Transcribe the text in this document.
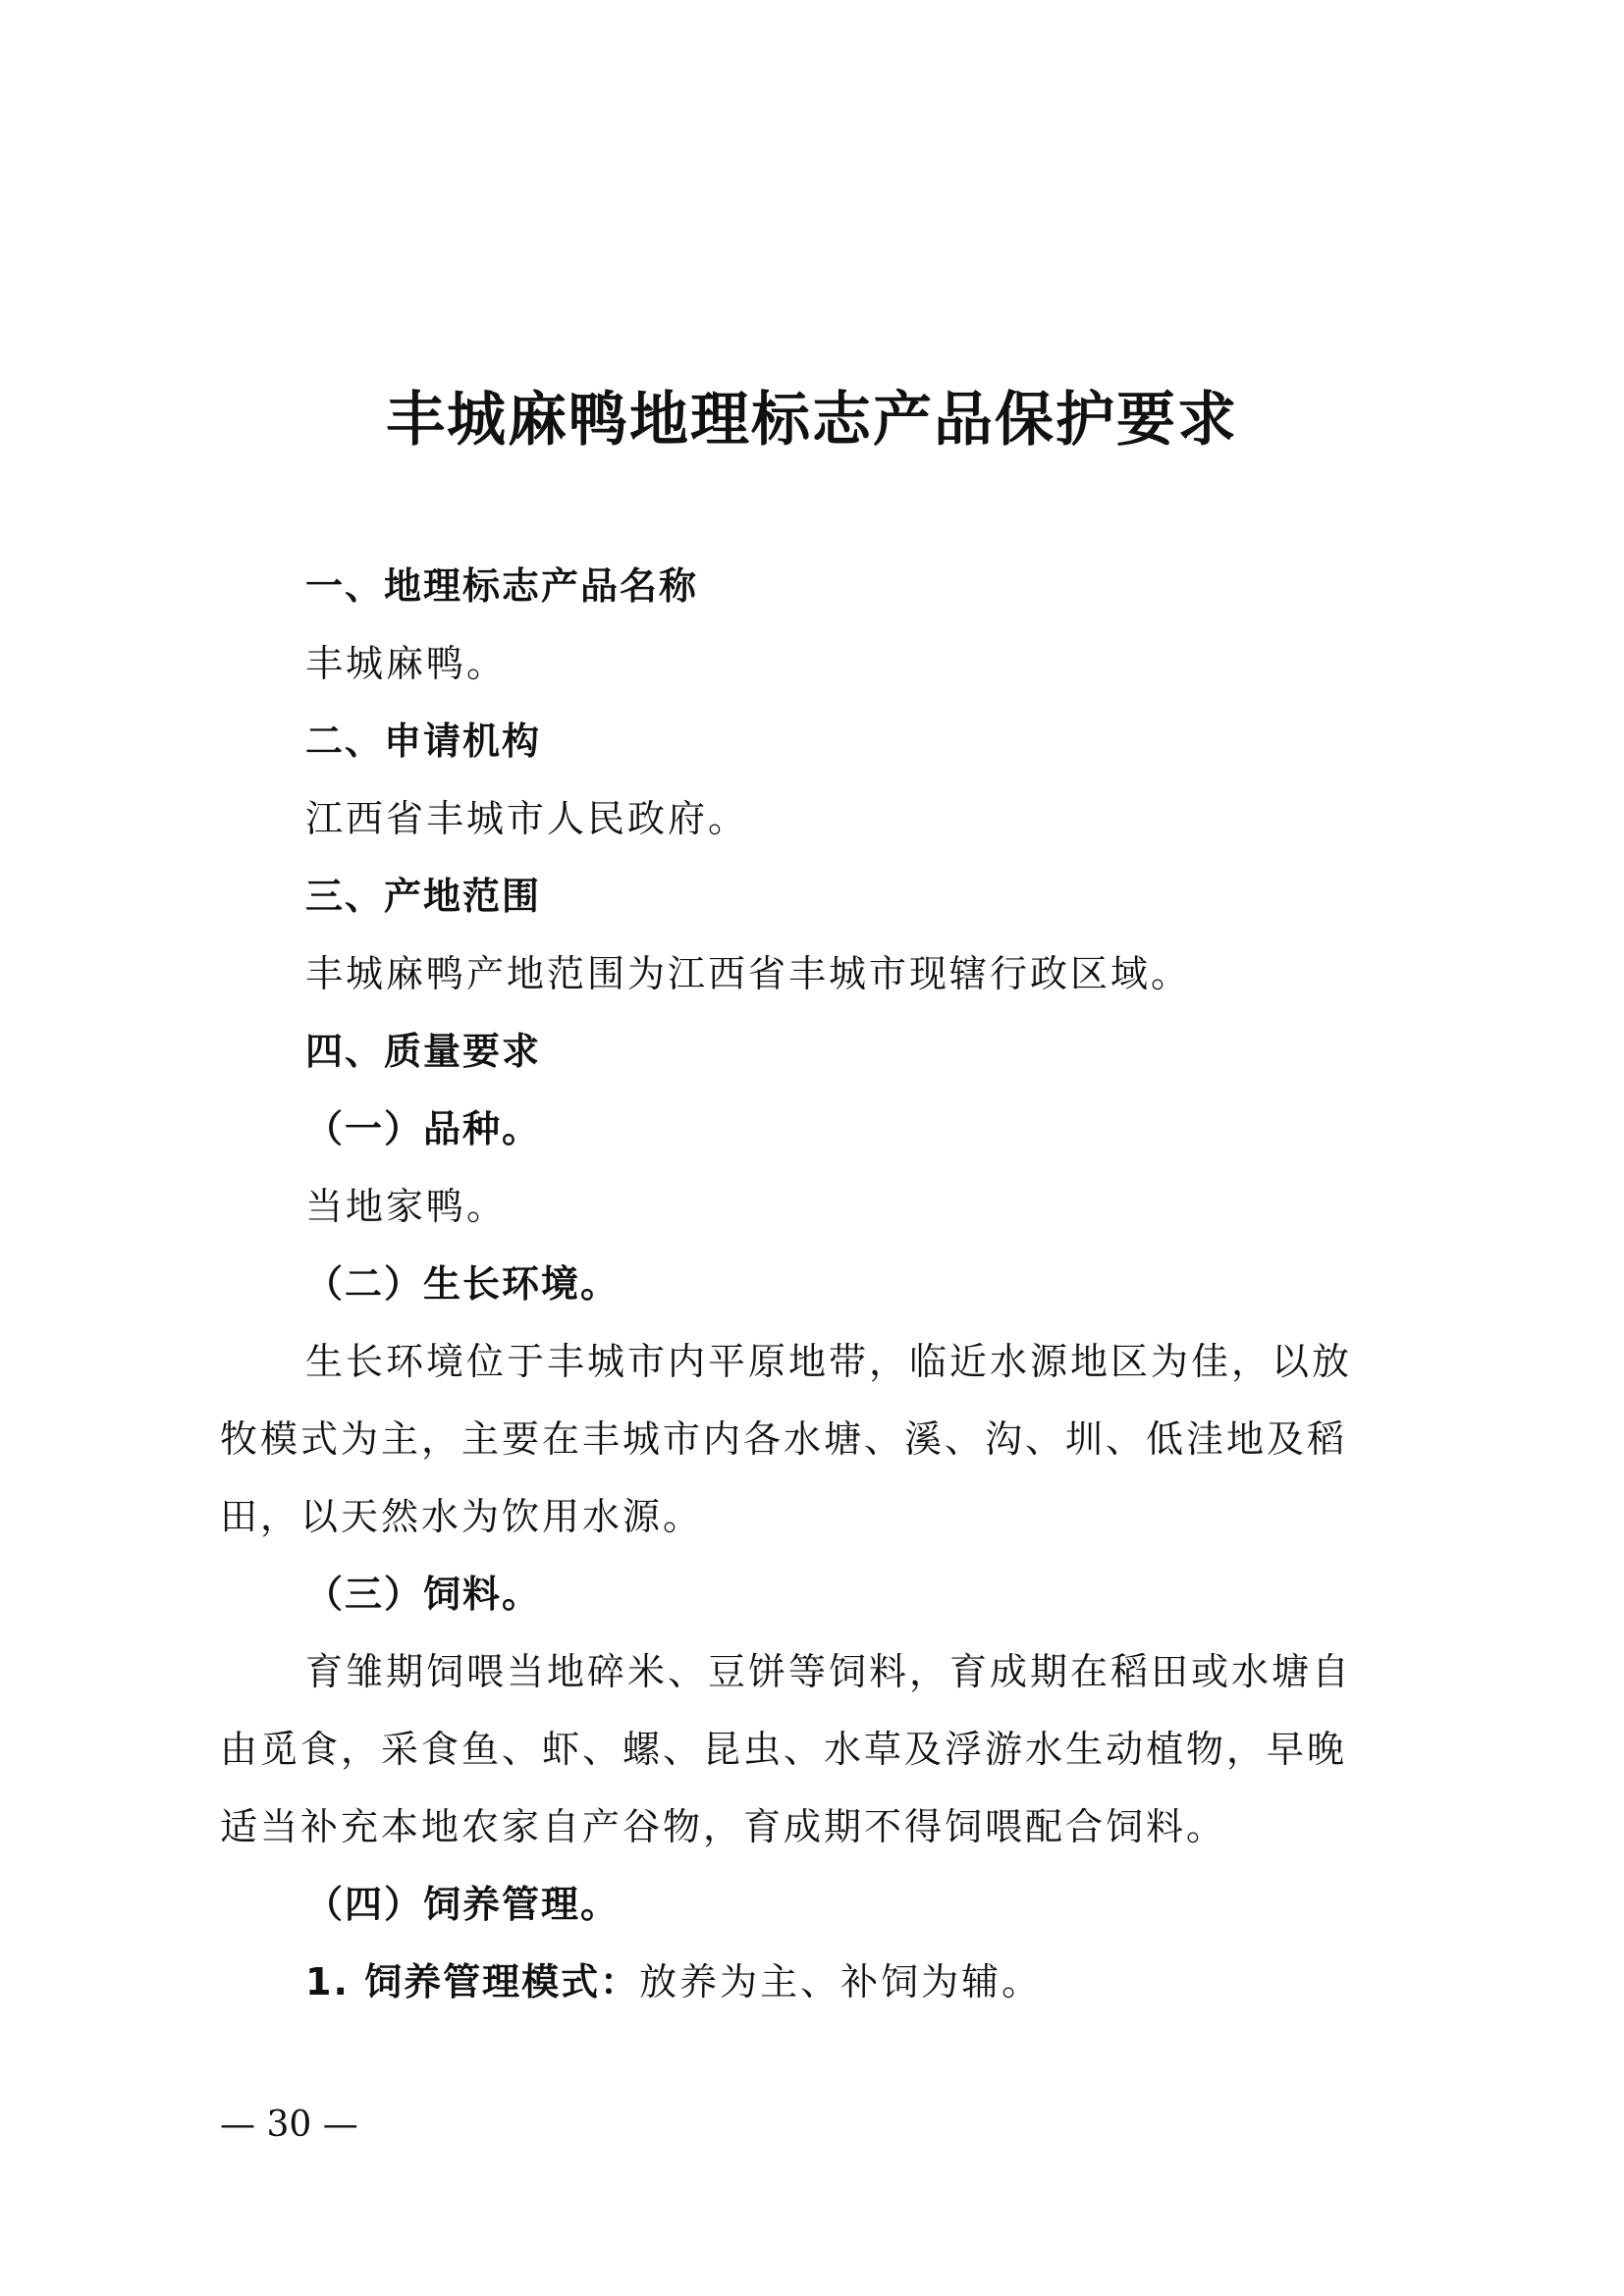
丰城麻鸭地理标志产品保护要求
一、地理标志产品名称
丰城麻鸭。
二、申请机构
江西省丰城市人民政府。
三、产地范围
丰城麻鸭产地范围为江西省丰城市现辖行政区域。
四、质量要求
（一）品种。
当地家鸭。
（二）生长环境。
生长环境位于丰城市内平原地带，临近水源地区为佳，以放
牧模式为主，主要在丰城市内各水塘、溪、沟、圳、低洼地及稻
田，以天然水为饮用水源。
（三）饲料。
育雏期饲喂当地碎米、豆饼等饲料，育成期在稻田或水塘自
由觅食，采食鱼、虾、螺、昆虫、水草及浮游水生动植物，早晚
适当补充本地农家自产谷物，育成期不得饲喂配合饲料。
（四）饲养管理。
1. 饲养管理模式：放养为主、补饲为辅。
— 30 —
